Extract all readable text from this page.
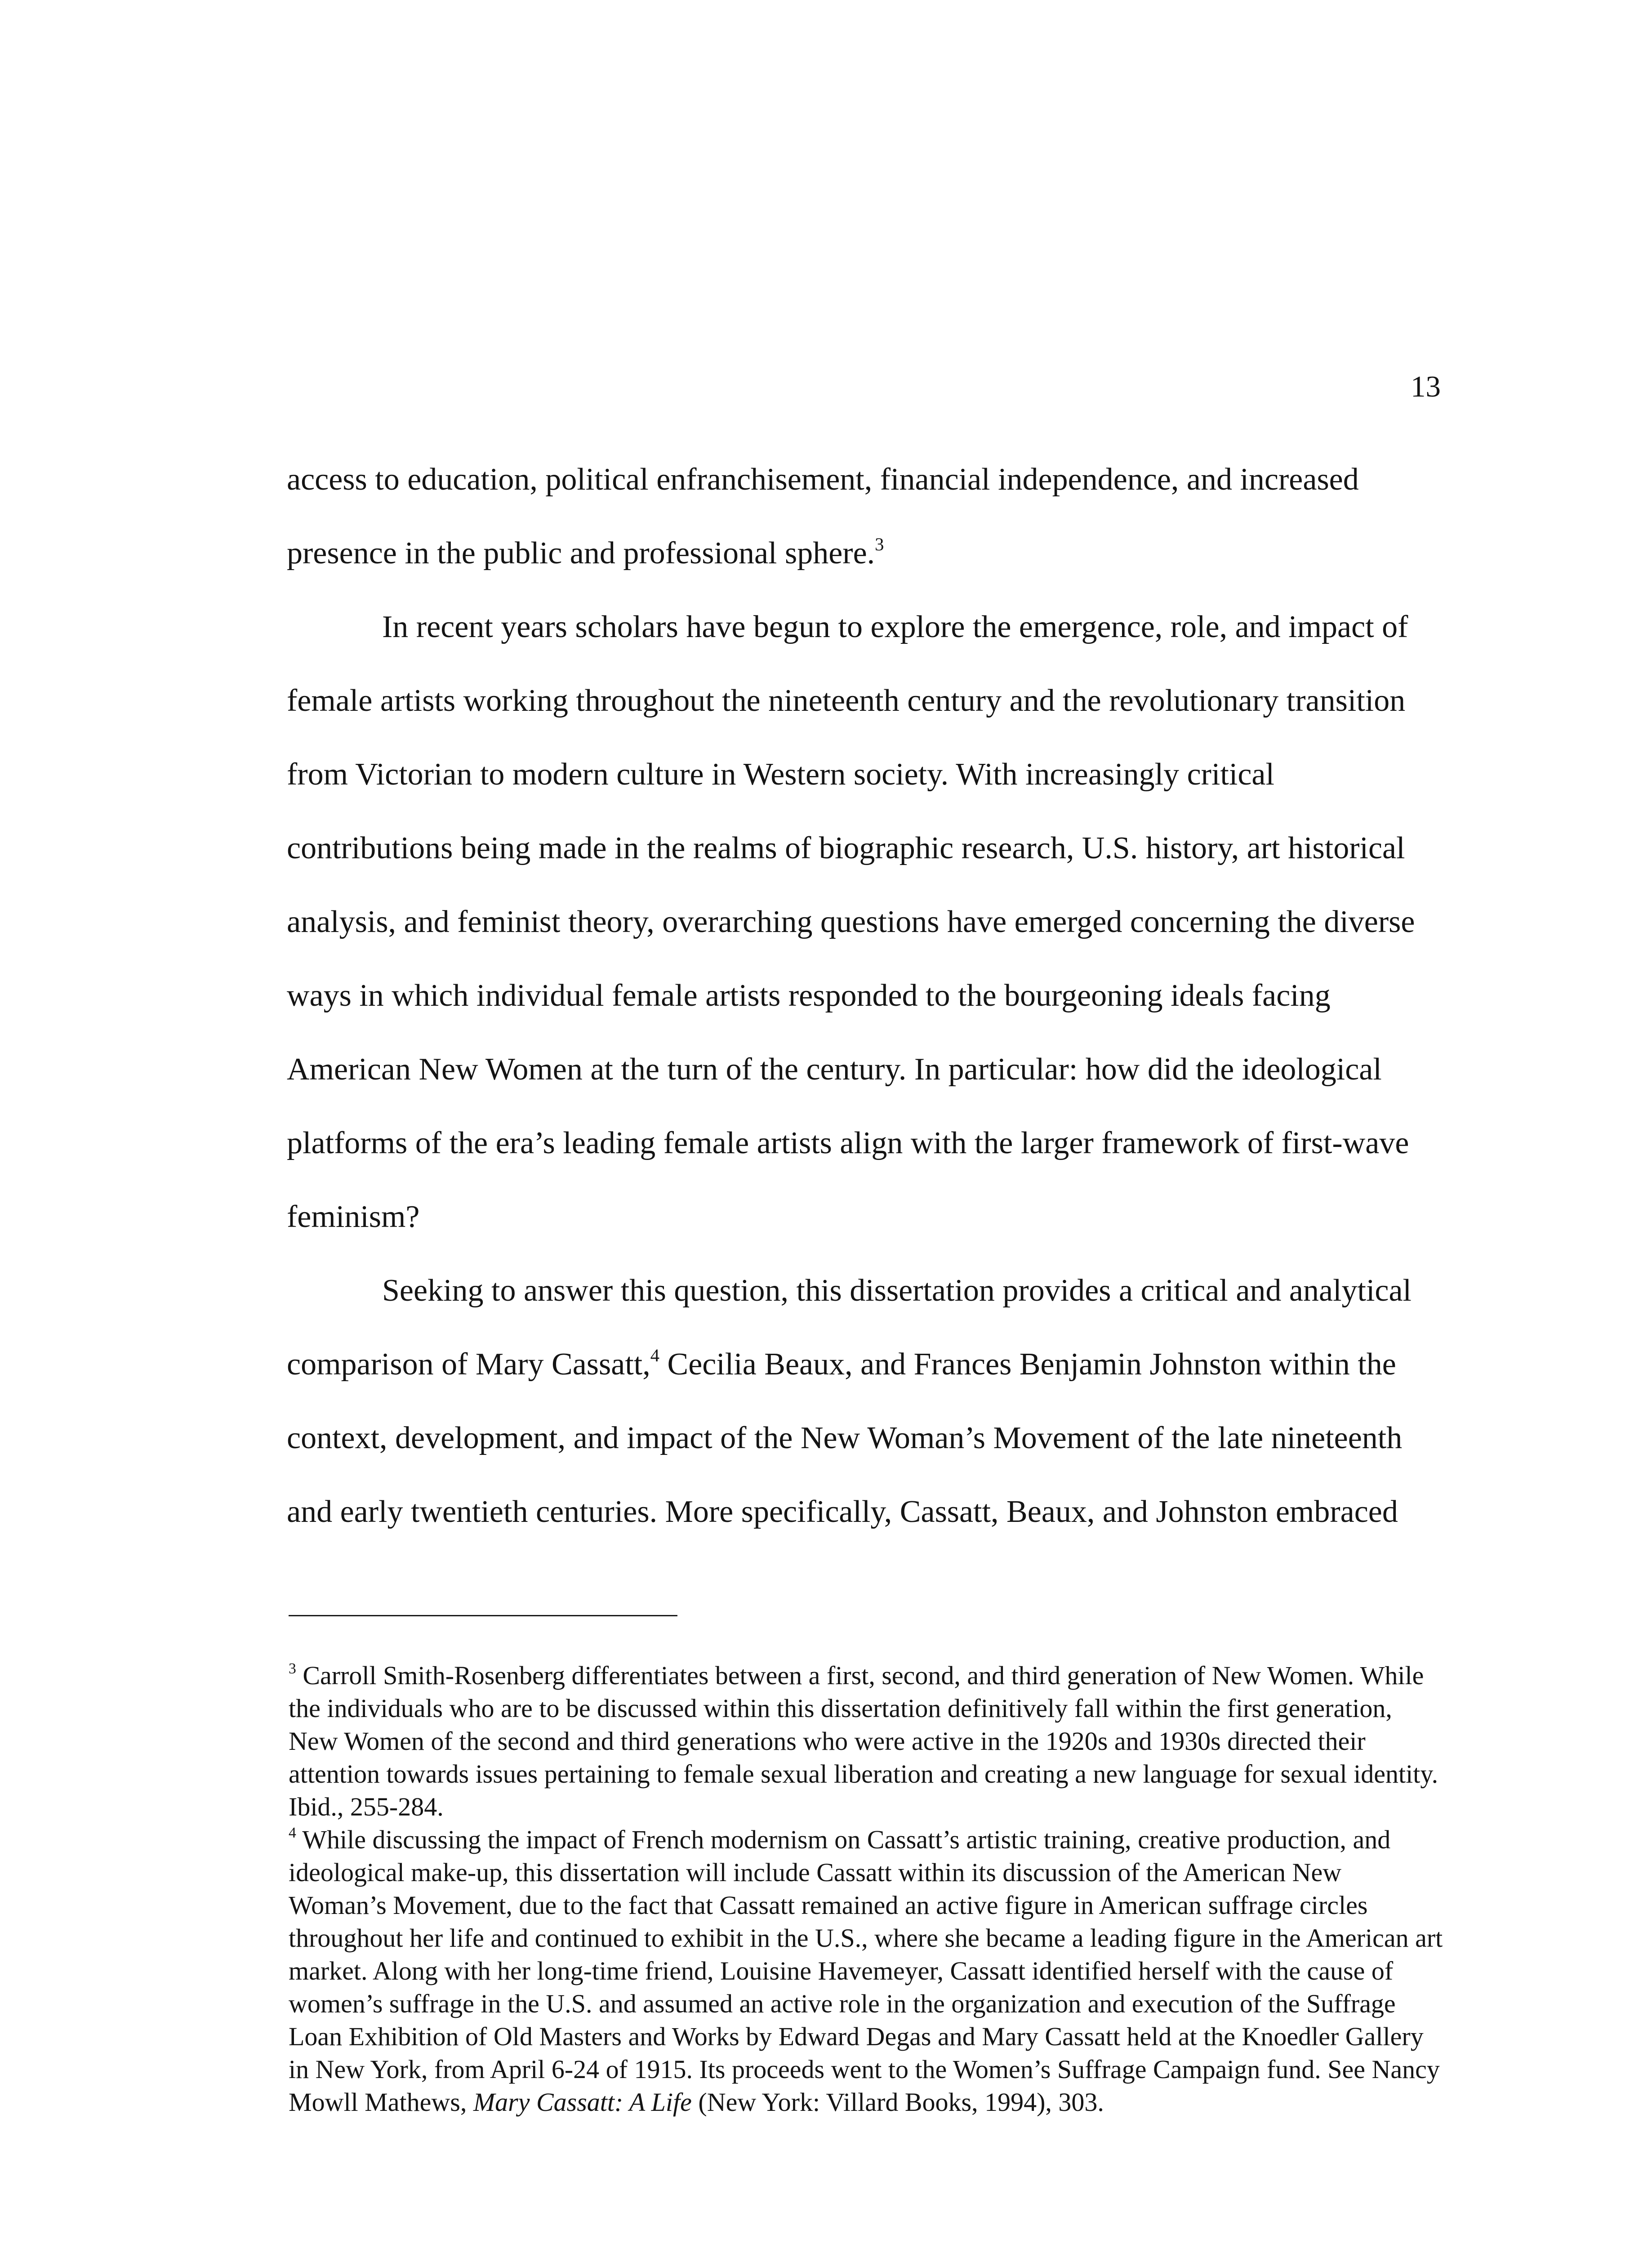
13

access to education, political enfranchisement, financial independence, and increased presence in the public and professional sphere.$^3$

In recent years scholars have begun to explore the emergence, role, and impact of female artists working throughout the nineteenth century and the revolutionary transition from Victorian to modern culture in Western society. With increasingly critical contributions being made in the realms of biographic research, U.S. history, art historical analysis, and feminist theory, overarching questions have emerged concerning the diverse ways in which individual female artists responded to the bourgeoning ideals facing American New Women at the turn of the century. In particular: how did the ideological platforms of the era’s leading female artists align with the larger framework of first-wave feminism?

Seeking to answer this question, this dissertation provides a critical and analytical comparison of Mary Cassatt,$^4$ Cecilia Beaux, and Frances Benjamin Johnston within the context, development, and impact of the New Woman’s Movement of the late nineteenth and early twentieth centuries. More specifically, Cassatt, Beaux, and Johnston embraced

$^3$ Carroll Smith-Rosenberg differentiates between a first, second, and third generation of New Women. While the individuals who are to be discussed within this dissertation definitively fall within the first generation, New Women of the second and third generations who were active in the 1920s and 1930s directed their attention towards issues pertaining to female sexual liberation and creating a new language for sexual identity. Ibid., 255-284.

$^4$ While discussing the impact of French modernism on Cassatt’s artistic training, creative production, and ideological make-up, this dissertation will include Cassatt within its discussion of the American New Woman’s Movement, due to the fact that Cassatt remained an active figure in American suffrage circles throughout her life and continued to exhibit in the U.S., where she became a leading figure in the American art market. Along with her long-time friend, Louisine Havemeyer, Cassatt identified herself with the cause of women’s suffrage in the U.S. and assumed an active role in the organization and execution of the Suffrage Loan Exhibition of Old Masters and Works by Edward Degas and Mary Cassatt held at the Knoedler Gallery in New York, from April 6-24 of 1915. Its proceeds went to the Women’s Suffrage Campaign fund. See Nancy Mowll Mathews, Mary Cassatt: A Life (New York: Villard Books, 1994), 303.
